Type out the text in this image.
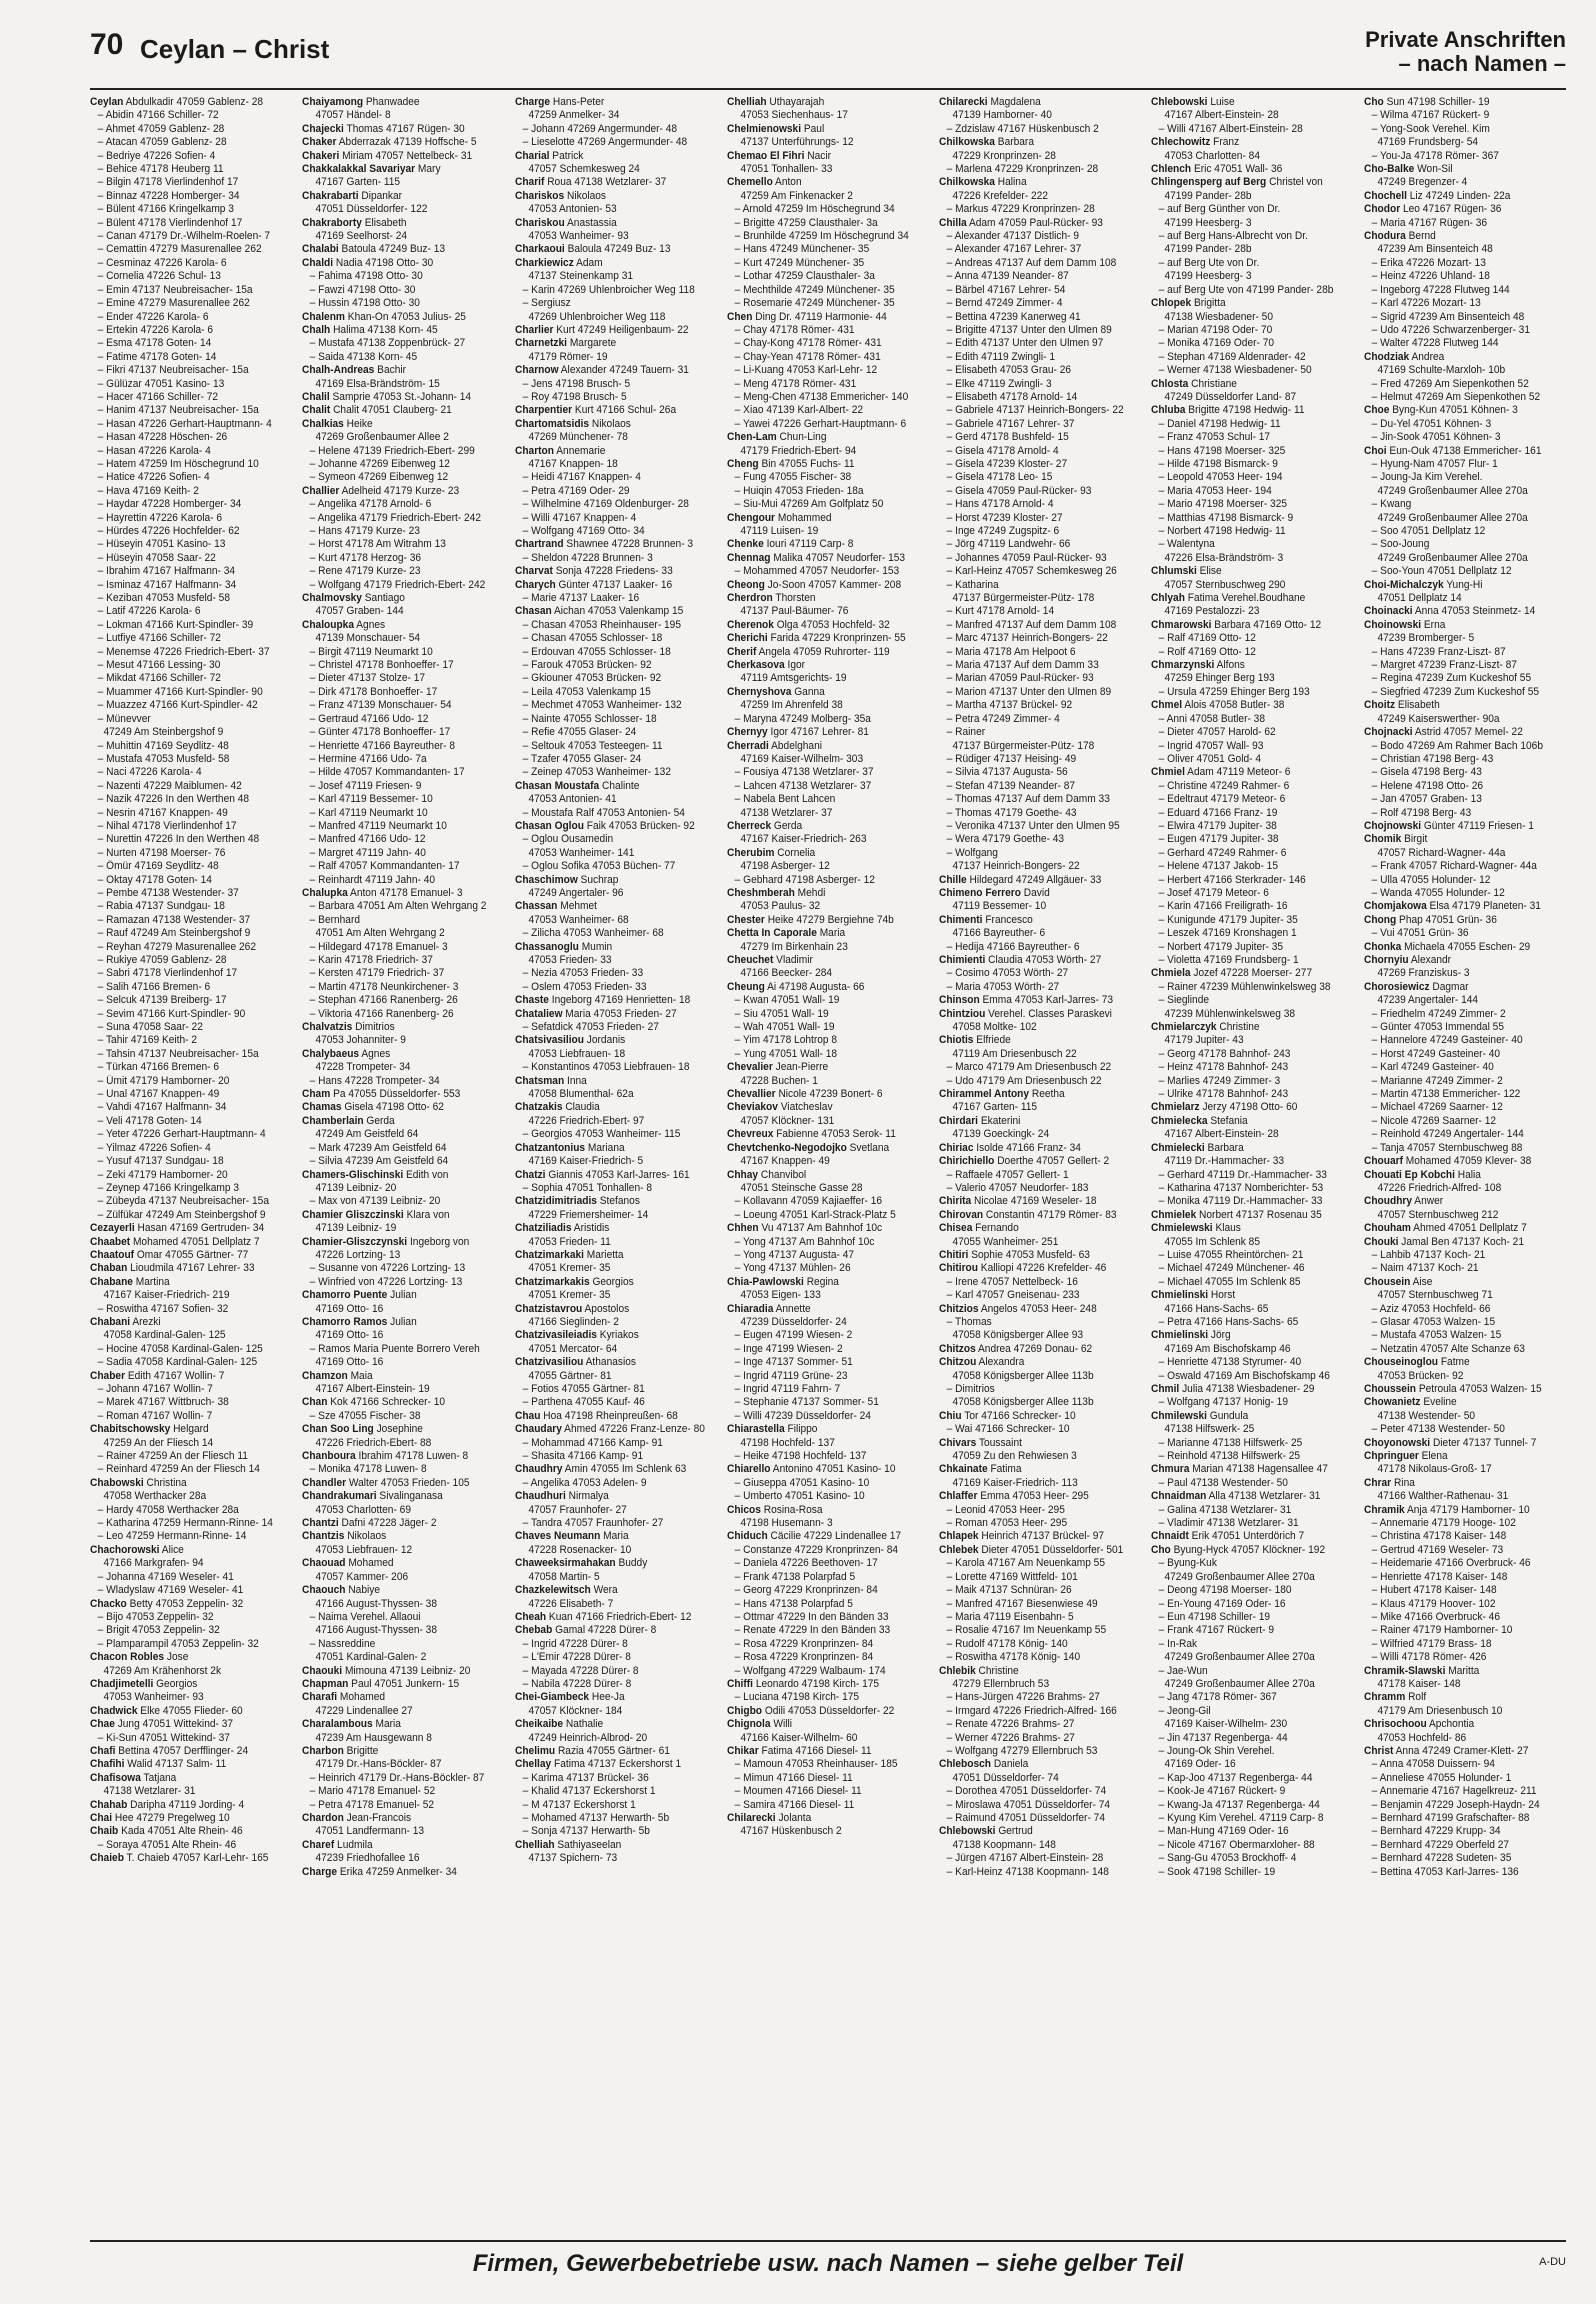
70 Ceylan – Christ	Private Anschriften
– nach Namen –
Ceylan Abdulkadir 47059 Gablenz- 28
– Abidin 47166 Schiller- 72
– Ahmet 47059 Gablenz- 28
– Atacan 47059 Gablenz- 28
– Bedriye 47226 Sofien- 4
– Behice 47178 Heuberg 11
– Bilgin 47178 Vierlindenhof 17
– Binnaz 47228 Homberger- 34
– Bülent 47166 Kringelkamp 3
– Bülent 47178 Vierlindenhof 17
– Canan 47179 Dr.-Wilhelm-Roelen- 7
– Cemattin 47279 Masurenallee 262
– Cesminaz 47226 Karola- 6
– Cornelia 47226 Schul- 13
– Emin 47137 Neubreisacher- 15a
– Emine 47279 Masurenallee 262
– Ender 47226 Karola- 6
– Ertekin 47226 Karola- 6
– Esma 47178 Goten- 14
– Fatime 47178 Goten- 14
– Fikri 47137 Neubreisacher- 15a
– Gülüzar 47051 Kasino- 13
– Hacer 47166 Schiller- 72
– Hanim 47137 Neubreisacher- 15a
– Hasan 47226 Gerhart-Hauptmann- 4
– Hasan 47228 Höschen- 26
– Hasan 47226 Karola- 4
– Hatem 47259 Im Höschegrund 10
– Hatice 47226 Sofien- 4
– Hava 47169 Keith- 2
– Haydar 47228 Homberger- 34
– Hayrettin 47226 Karola- 6
– Hürdes 47226 Hochfelder- 62
– Hüseyin 47051 Kasino- 13
– Hüseyin 47058 Saar- 22
– Ibrahim 47167 Halfmann- 34
– Isminaz 47167 Halfmann- 34
– Keziban 47053 Musfeld- 58
– Latif 47226 Karola- 6
– Lokman 47166 Kurt-Spindler- 39
– Lutfiye 47166 Schiller- 72
– Menemse 47226 Friedrich-Ebert- 37
– Mesut 47166 Lessing- 30
– Mikdat 47166 Schiller- 72
– Muammer 47166 Kurt-Spindler- 90
– Muazzez 47166 Kurt-Spindler- 42
– Münevver
47249 Am Steinbergshof 9
– Muhittin 47169 Seydlitz- 48
– Mustafa 47053 Musfeld- 58
– Naci 47226 Karola- 4
– Nazenti 47229 Maiblumen- 42
– Nazik 47226 In den Werthen 48
– Nesrin 47167 Knappen- 49
– Nihal 47178 Vierlindenhof 17
– Nurettin 47226 In den Werthen 48
– Nurten 47198 Moerser- 76
– Ömür 47169 Seydlitz- 48
– Oktay 47178 Goten- 14
– Pembe 47138 Westender- 37
– Rabia 47137 Sundgau- 18
– Ramazan 47138 Westender- 37
– Rauf 47249 Am Steinbergshof 9
– Reyhan 47279 Masurenallee 262
– Rukiye 47059 Gablenz- 28
– Sabri 47178 Vierlindenhof 17
– Salih 47166 Bremen- 6
– Selcuk 47139 Breiberg- 17
– Sevim 47166 Kurt-Spindler- 90
– Suna 47058 Saar- 22
– Tahir 47169 Keith- 2
– Tahsin 47137 Neubreisacher- 15a
– Türkan 47166 Bremen- 6
– Ümit 47179 Hamborner- 20
– Unal 47167 Knappen- 49
– Vahdi 47167 Halfmann- 34
– Veli 47178 Goten- 14
– Yeter 47226 Gerhart-Hauptmann- 4
– Yilmaz 47226 Sofien- 4
– Yusuf 47137 Sundgau- 18
– Zeki 47179 Hamborner- 20
– Zeynep 47166 Kringelkamp 3
– Zübeyda 47137 Neubreisacher- 15a
– Zülfükar 47249 Am Steinbergshof 9
Cezayerli Hasan 47169 Gertruden- 34
Chaabet Mohamed 47051 Dellplatz 7
Chaatouf Omar 47055 Gärtner- 77
Chaban Lioudmila 47167 Lehrer- 33
Chabane Martina
47167 Kaiser-Friedrich- 219
– Roswitha 47167 Sofien- 32
Chabani Arezki
47058 Kardinal-Galen- 125
– Hocine 47058 Kardinal-Galen- 125
– Sadia 47058 Kardinal-Galen- 125
Chaber Edith 47167 Wollin- 7
– Johann 47167 Wollin- 7
– Marek 47167 Wittbruch- 38
– Roman 47167 Wollin- 7
Chabitschowsky Helgard
47259 An der Fliesch 14
– Rainer 47259 An der Fliesch 11
– Reinhard 47259 An der Fliesch 14
Chabowski Christina
47058 Werthacker 28a
– Hardy 47058 Werthacker 28a
– Katharina 47259 Hermann-Rinne- 14
– Leo 47259 Hermann-Rinne- 14
Chachorowski Alice
47166 Markgrafen- 94
– Johanna 47169 Weseler- 41
– Wladyslaw 47169 Weseler- 41
Chacko Betty 47053 Zeppelin- 32
– Bijo 47053 Zeppelin- 32
– Brigit 47053 Zeppelin- 32
– Plamparampil 47053 Zeppelin- 32
Chacon Robles Jose
47269 Am Krähenhorst 2k
Chadjimetelli Georgios
47053 Wanheimer- 93
Chadwick Elke 47055 Flieder- 60
Chae Jung 47051 Wittekind- 37
– Ki-Sun 47051 Wittekind- 37
Chafi Bettina 47057 Derfflinger- 24
Chafihi Walid 47137 Salm- 11
Chafisowa Tatjana
47138 Wetzlarer- 31
Chahab Daripha 47119 Jording- 4
Chai Hee 47279 Pregelweg 10
Chaib Kada 47051 Alte Rhein- 46
– Soraya 47051 Alte Rhein- 46
Chaieb T. Chaieb 47057 Karl-Lehr- 165
Chaiyamong Phanwadee
47057 Händel- 8
Chajecki Thomas 47167 Rügen- 30
Chaker Abderrazak 47139 Hoffsche- 5
Chakeri Miriam 47057 Nettelbeck- 31
Chakkalakkal Savariyar Mary
47167 Garten- 115
Chakrabarti Dipankar
47051 Düsseldorfer- 122
Chakraborty Elisabeth
47169 Seelhorst- 24
Chalabi Batoula 47249 Buz- 13
Chaldi Nadia 47198 Otto- 30
– Fahima 47198 Otto- 30
– Fawzi 47198 Otto- 30
– Hussin 47198 Otto- 30
Chalenm Khan-On 47053 Julius- 25
Chalh Halima 47138 Korn- 45
– Mustafa 47138 Zoppenbrück- 27
– Saida 47138 Korn- 45
Chalh-Andreas Bachir
47169 Elsa-Brändström- 15
Chalil Samprie 47053 St.-Johann- 14
Chalit Chalit 47051 Clauberg- 21
Chalkias Heike
47269 Großenbaumer Allee 2
– Helene 47139 Friedrich-Ebert- 299
– Johanne 47269 Eibenweg 12
– Symeon 47269 Eibenweg 12
Challier Adelheid 47179 Kurze- 23
– Angelika 47178 Arnold- 6
– Angelika 47179 Friedrich-Ebert- 242
– Hans 47179 Kurze- 23
– Horst 47178 Am Witrahm 13
– Kurt 47178 Herzog- 36
– Rene 47179 Kurze- 23
– Wolfgang 47179 Friedrich-Ebert- 242
Chalmovsky Santiago
47057 Graben- 144
Chaloupka Agnes
47139 Monschauer- 54
– Birgit 47119 Neumarkt 10
– Christel 47178 Bonhoeffer- 17
– Dieter 47137 Stolze- 17
– Dirk 47178 Bonhoeffer- 17
– Franz 47139 Monschauer- 54
– Gertraud 47166 Udo- 12
– Günter 47178 Bonhoeffer- 17
– Henriette 47166 Bayreuther- 8
– Hermine 47166 Udo- 7a
– Hilde 47057 Kommandanten- 17
– Josef 47119 Friesen- 9
– Karl 47119 Bessemer- 10
– Karl 47119 Neumarkt 10
– Manfred 47119 Neumarkt 10
– Manfred 47166 Udo- 12
– Margret 47119 Jahn- 40
– Ralf 47057 Kommandanten- 17
– Reinhardt 47119 Jahn- 40
Chalupka Anton 47178 Emanuel- 3
– Barbara 47051 Am Alten Wehrgang 2
– Bernhard
47051 Am Alten Wehrgang 2
– Hildegard 47178 Emanuel- 3
– Karin 47178 Friedrich- 37
– Kersten 47179 Friedrich- 37
– Martin 47178 Neunkirchener- 3
– Stephan 47166 Ranenberg- 26
– Viktoria 47166 Ranenberg- 26
Chalvatzis Dimitrios
47053 Johanniter- 9
Chalybaeus Agnes
47228 Trompeter- 34
– Hans 47228 Trompeter- 34
Cham Pa 47055 Düsseldorfer- 553
Chamas Gisela 47198 Otto- 62
Chamberlain Gerda
47249 Am Geistfeld 64
– Mark 47239 Am Geistfeld 64
– Silvia 47239 Am Geistfeld 64
Chamers-Glischinski Edith von
47139 Leibniz- 20
– Max von 47139 Leibniz- 20
Chamier Gliszczinski Klara von
47139 Leibniz- 19
Chamier-Gliszczynski Ingeborg von
47226 Lortzing- 13
– Susanne von 47226 Lortzing- 13
– Winfried von 47226 Lortzing- 13
Chamorro Puente Julian
47169 Otto- 16
Chamorro Ramos Julian
47169 Otto- 16
– Ramos Maria Puente Borrero Vereh
47169 Otto- 16
Chamzon Maia
47167 Albert-Einstein- 19
Chan Kok 47166 Schrecker- 10
– Sze 47055 Fischer- 38
Chan Soo Ling Josephine
47226 Friedrich-Ebert- 88
Chanboura Ibrahim 47178 Luwen- 8
– Monika 47178 Luwen- 8
Chandler Walter 47053 Frieden- 105
Chandrakumari Sivalinganasa
47053 Charlotten- 69
Chantzi Dafni 47228 Jäger- 2
Chantzis Nikolaos
47053 Liebfrauen- 12
Chaouad Mohamed
47057 Kammer- 206
Chaouch Nabiye
47166 August-Thyssen- 38
– Naima Verehel. Allaoui
47166 August-Thyssen- 38
– Nassreddine
47051 Kardinal-Galen- 2
Chaouki Mimouna 47139 Leibniz- 20
Chapman Paul 47051 Junkern- 15
Charafi Mohamed
47229 Lindenallee 27
Charalambous Maria
47239 Am Hausgewann 8
Charbon Brigitte
47179 Dr.-Hans-Böckler- 87
– Heinrich 47179 Dr.-Hans-Böckler- 87
– Mario 47178 Emanuel- 52
– Petra 47178 Emanuel- 52
Chardon Jean-Francois
47051 Landfermann- 13
Charef Ludmila
47239 Friedhofallee 16
Charge Erika 47259 Anmelker- 34
Charge Hans-Peter
47259 Anmelker- 34
– Johann 47269 Angermunder- 48
– Lieselotte 47269 Angermunder- 48
Charial Patrick
47057 Schemkesweg 24
Charif Roua 47138 Wetzlarer- 37
Chariskos Nikolaos
47053 Antonien- 53
Chariskou Anastassia
47053 Wanheimer- 93
Charkaoui Baloula 47249 Buz- 13
Charkiewicz Adam
47137 Steinenkamp 31
– Karin 47269 Uhlenbroicher Weg 118
– Sergiusz
47269 Uhlenbroicher Weg 118
Charlier Kurt 47249 Heiligenbaum- 22
Charnetzki Margarete
47179 Römer- 19
Charnow Alexander 47249 Tauern- 31
– Jens 47198 Brusch- 5
– Roy 47198 Brusch- 5
Charpentier Kurt 47166 Schul- 26a
Chartomatsidis Nikolaos
47269 Münchener- 78
Charton Annemarie
47167 Knappen- 18
– Heidi 47167 Knappen- 4
– Petra 47169 Oder- 29
– Wilhelmine 47169 Oldenburger- 28
– Willi 47167 Knappen- 4
– Wolfgang 47169 Otto- 34
Chartrand Shawnee 47228 Brunnen- 3
– Sheldon 47228 Brunnen- 3
Charvat Sonja 47228 Friedens- 33
Charych Günter 47137 Laaker- 16
– Marie 47137 Laaker- 16
Chasan Aichan 47053 Valenkamp 15
– Chasan 47053 Rheinhauser- 195
– Chasan 47055 Schlosser- 18
– Erdouvan 47055 Schlosser- 18
– Farouk 47053 Brücken- 92
– Gkiouner 47053 Brücken- 92
– Leila 47053 Valenkamp 15
– Mechmet 47053 Wanheimer- 132
– Nainte 47055 Schlosser- 18
– Refie 47055 Glaser- 24
– Seltouk 47053 Testeegen- 11
– Tzafer 47055 Glaser- 24
– Zeinep 47053 Wanheimer- 132
Chasan Moustafa Chalinte
47053 Antonien- 41
– Moustafa Ralf 47053 Antonien- 54
Chasan Oglou Faik 47053 Brücken- 92
– Oglou Ousamedin
47053 Wanheimer- 141
– Oglou Sofika 47053 Büchen- 77
Chaschimow Suchrap
47249 Angertaler- 96
Chassan Mehmet
47053 Wanheimer- 68
– Zilicha 47053 Wanheimer- 68
Chassanoglu Mumin
47053 Frieden- 33
– Nezia 47053 Frieden- 33
– Oslem 47053 Frieden- 33
Chaste Ingeborg 47169 Henrietten- 18
Chataliew Maria 47053 Frieden- 27
– Sefatdick 47053 Frieden- 27
Chatsivasiliou Jordanis
47053 Liebfrauen- 18
– Konstantinos 47053 Liebfrauen- 18
Chatsman Inna
47058 Blumenthal- 62a
Chatzakis Claudia
47226 Friedrich-Ebert- 97
– Georgios 47053 Wanheimer- 115
Chatzantonius Mariana
47169 Kaiser-Friedrich- 5
Chatzi Giannis 47053 Karl-Jarres- 161
– Sophia 47051 Tonhallen- 8
Chatzidimitriadis Stefanos
47229 Friemersheimer- 14
Chatziliadis Aristidis
47053 Frieden- 11
Chatzimarkaki Marietta
47051 Kremer- 35
Chatzimarkakis Georgios
47051 Kremer- 35
Chatzistavrou Apostolos
47166 Sieglinden- 2
Chatzivasileiadis Kyriakos
47051 Mercator- 64
Chatzivasiliou Athanasios
47055 Gärtner- 81
– Fotios 47055 Gärtner- 81
– Parthena 47055 Kauf- 46
Chau Hoa 47198 Rheinpreußen- 68
Chaudary Ahmed 47226 Franz-Lenze- 80
– Mohammad 47166 Kamp- 91
– Shasita 47166 Kamp- 91
Chaudhry Amin 47055 Im Schlenk 63
– Angelika 47053 Adelen- 9
Chaudhuri Nirmalya
47057 Fraunhofer- 27
– Tandra 47057 Fraunhofer- 27
Chaves Neumann Maria
47228 Rosenacker- 10
Chaweeksirmahakan Buddy
47058 Martin- 5
Chazkelewitsch Wera
47226 Elisabeth- 7
Cheah Kuan 47166 Friedrich-Ebert- 12
Chebab Gamal 47228 Dürer- 8
– Ingrid 47228 Dürer- 8
– L'Emir 47228 Dürer- 8
– Mayada 47228 Dürer- 8
– Nabila 47228 Dürer- 8
Chei-Giambeck Hee-Ja
47057 Klöckner- 184
Cheikaibe Nathalie
47249 Heinrich-Albrod- 20
Chelimu Razia 47055 Gärtner- 61
Chellay Fatima 47137 Eckershorst 1
– Karima 47137 Brückel- 36
– Khalid 47137 Eckershorst 1
– M 47137 Eckershorst 1
– Mohamed 47137 Herwarth- 5b
– Sonja 47137 Herwarth- 5b
Chelliah Sathiyaseelan
47137 Spichern- 73
Chelliah Uthayarajah
47053 Siechenhaus- 17
Chelmienowski Paul
47137 Unterführungs- 12
Chemao El Fihri Nacir
47051 Tonhallen- 33
Chemello Anton
47259 Am Finkenacker 2
– Arnold 47259 Im Höschegrund 34
– Brigitte 47259 Clausthaler- 3a
– Brunhilde 47259 Im Höschegrund 34
– Hans 47249 Münchener- 35
– Kurt 47249 Münchener- 35
– Lothar 47259 Clausthaler- 3a
– Mechthilde 47249 Münchener- 35
– Rosemarie 47249 Münchener- 35
Chen Ding Dr. 47119 Harmonie- 44
– Chay 47178 Römer- 431
– Chay-Kong 47178 Römer- 431
– Chay-Yean 47178 Römer- 431
– Li-Kuang 47053 Karl-Lehr- 12
– Meng 47178 Römer- 431
– Meng-Chen 47138 Emmericher- 140
– Xiao 47139 Karl-Albert- 22
– Yawei 47226 Gerhart-Hauptmann- 6
Chen-Lam Chun-Ling
47179 Friedrich-Ebert- 94
Cheng Bin 47055 Fuchs- 11
– Fung 47055 Fischer- 38
– Huiqin 47053 Frieden- 18a
– Siu-Mui 47269 Am Golfplatz 50
Chengour Mohammed
47119 Luisen- 19
Chenke Iouri 47119 Carp- 8
Chennag Malika 47057 Neudorfer- 153
– Mohammed 47057 Neudorfer- 153
Cheong Jo-Soon 47057 Kammer- 208
Cherdron Thorsten
47137 Paul-Bäumer- 76
Cherenok Olga 47053 Hochfeld- 32
Cherichi Farida 47229 Kronprinzen- 55
Cherif Angela 47059 Ruhrorter- 119
Cherkasova Igor
47119 Amtsgerichts- 19
Chernyshova Ganna
47259 Im Ahrenfeld 38
– Maryna 47249 Molberg- 35a
Chernyy Igor 47167 Lehrer- 81
Cherradi Abdelghani
47169 Kaiser-Wilhelm- 303
– Fousiya 47138 Wetzlarer- 37
– Lahcen 47138 Wetzlarer- 37
– Nabela Bent Lahcen
47138 Wetzlarer- 37
Cherreck Gerda
47167 Kaiser-Friedrich- 263
Cherubim Cornelia
47198 Asberger- 12
– Gebhard 47198 Asberger- 12
Cheshmberah Mehdi
47053 Paulus- 32
Chester Heike 47279 Bergiehne 74b
Chetta In Caporale Maria
47279 Im Birkenhain 23
Cheuchet Vladimir
47166 Beecker- 284
Cheung Ai 47198 Augusta- 66
– Kwan 47051 Wall- 19
– Siu 47051 Wall- 19
– Wah 47051 Wall- 19
– Yim 47178 Lohtrop 8
– Yung 47051 Wall- 18
Chevalier Jean-Pierre
47228 Buchen- 1
Chevallier Nicole 47239 Bonert- 6
Cheviakov Viatcheslav
47057 Klöckner- 131
Chevreux Fabienne 47053 Serok- 11
Chevtchenko-Negodojko Svetlana
47167 Knappen- 49
Chhay Chanvibol
47051 Steinsche Gasse 28
– Kollavann 47059 Kajiaeffer- 16
– Loeung 47051 Karl-Strack-Platz 5
Chhen Vu 47137 Am Bahnhof 10c
– Yong 47137 Am Bahnhof 10c
– Yong 47137 Augusta- 47
– Yong 47137 Mühlen- 26
Chia-Pawlowski Regina
47053 Eigen- 133
Chiaradia Annette
47239 Düsseldorfer- 24
– Eugen 47199 Wiesen- 2
– Inge 47199 Wiesen- 2
– Inge 47137 Sommer- 51
– Ingrid 47119 Grüne- 23
– Ingrid 47119 Fahrn- 7
– Stephanie 47137 Sommer- 51
– Willi 47239 Düsseldorfer- 24
Chiarastella Filippo
47198 Hochfeld- 137
– Heike 47198 Hochfeld- 137
Chiarello Antonino 47051 Kasino- 10
– Giuseppa 47051 Kasino- 10
– Umberto 47051 Kasino- 10
Chicos Rosina-Rosa
47198 Husemann- 3
Chiduch Cäcilie 47229 Lindenallee 17
– Constanze 47229 Kronprinzen- 84
– Daniela 47226 Beethoven- 17
– Frank 47138 Polarpfad 5
– Georg 47229 Kronprinzen- 84
– Hans 47138 Polarpfad 5
– Ottmar 47229 In den Bänden 33
– Renate 47229 In den Bänden 33
– Rosa 47229 Kronprinzen- 84
– Rosa 47229 Kronprinzen- 84
– Wolfgang 47229 Walbaum- 174
Chiffi Leonardo 47198 Kirch- 175
– Luciana 47198 Kirch- 175
Chigbo Odili 47053 Düsseldorfer- 22
Chignola Willi
47166 Kaiser-Wilhelm- 60
Chikar Fatima 47166 Diesel- 11
– Mamoun 47053 Rheinhauser- 185
– Mimun 47166 Diesel- 11
– Moumen 47166 Diesel- 11
– Samira 47166 Diesel- 11
Chilarecki Jolanta
47167 Hüskenbusch 2
Chilarecki Magdalena
47139 Hamborner- 40
– Zdzislaw 47167 Hüskenbusch 2
Chilkowska Barbara
47229 Kronprinzen- 28
– Marlena 47229 Kronprinzen- 28
Chilkowska Halina
47226 Krefelder- 222
– Markus 47229 Kronprinzen- 28
Chilla Adam 47059 Paul-Rücker- 93
– Alexander 47137 Distlich- 9
– Alexander 47167 Lehrer- 37
– Andreas 47137 Auf dem Damm 108
– Anna 47139 Neander- 87
– Bärbel 47167 Lehrer- 54
– Bernd 47249 Zimmer- 4
– Bettina 47239 Kanerweg 41
– Brigitte 47137 Unter den Ulmen 89
– Edith 47137 Unter den Ulmen 97
– Edith 47119 Zwingli- 1
– Elisabeth 47053 Grau- 26
– Elke 47119 Zwingli- 3
– Elisabeth 47178 Arnold- 14
– Gabriele 47137 Heinrich-Bongers- 22
– Gabriele 47167 Lehrer- 37
– Gerd 47178 Bushfeld- 15
– Gisela 47178 Arnold- 4
– Gisela 47239 Kloster- 27
– Gisela 47178 Leo- 15
– Gisela 47059 Paul-Rücker- 93
– Hans 47178 Arnold- 4
– Horst 47239 Kloster- 27
– Inge 47249 Zugspitz- 6
– Jörg 47119 Landwehr- 66
– Johannes 47059 Paul-Rücker- 93
– Karl-Heinz 47057 Schemkesweg 26
– Katharina
47137 Bürgermeister-Pütz- 178
– Kurt 47178 Arnold- 14
– Manfred 47137 Auf dem Damm 108
– Marc 47137 Heinrich-Bongers- 22
– Maria 47178 Am Helpoot 6
– Maria 47137 Auf dem Damm 33
– Marian 47059 Paul-Rücker- 93
– Marion 47137 Unter den Ulmen 89
– Martha 47137 Brückel- 92
– Petra 47249 Zimmer- 4
– Rainer
47137 Bürgermeister-Pütz- 178
– Rüdiger 47137 Heising- 49
– Silvia 47137 Augusta- 56
– Stefan 47139 Neander- 87
– Thomas 47137 Auf dem Damm 33
– Thomas 47179 Goethe- 43
– Veronika 47137 Unter den Ulmen 95
– Wera 47179 Goethe- 43
– Wolfgang
47137 Heinrich-Bongers- 22
Chille Hildegard 47249 Allgäuer- 33
Chimeno Ferrero David
47119 Bessemer- 10
Chimenti Francesco
47166 Bayreuther- 6
– Hedija 47166 Bayreuther- 6
Chimienti Claudia 47053 Wörth- 27
– Cosimo 47053 Wörth- 27
– Maria 47053 Wörth- 27
Chinson Emma 47053 Karl-Jarres- 73
Chintziou Verehel. Classes Paraskevi
47058 Moltke- 102
Chiotis Elfriede
47119 Am Driesenbusch 22
– Marco 47179 Am Driesenbusch 22
– Udo 47179 Am Driesenbusch 22
Chirammel Antony Reetha
47167 Garten- 115
Chirdari Ekaterini
47139 Goeckingk- 24
Chiriac Isolde 47166 Franz- 34
Chirichiello Doerthe 47057 Gellert- 2
– Raffaele 47057 Gellert- 1
– Valerio 47057 Neudorfer- 183
Chirita Nicolae 47169 Weseler- 18
Chirovan Constantin 47179 Römer- 83
Chisea Fernando
47055 Wanheimer- 251
Chitiri Sophie 47053 Musfeld- 63
Chitirou Kalliopi 47226 Krefelder- 46
– Irene 47057 Nettelbeck- 16
– Karl 47057 Gneisenau- 233
Chitzios Angelos 47053 Heer- 248
– Thomas
47058 Königsberger Allee 93
Chitzos Andrea 47269 Donau- 62
Chitzou Alexandra
47058 Königsberger Allee 113b
– Dimitrios
47058 Königsberger Allee 113b
Chiu Tor 47166 Schrecker- 10
– Wai 47166 Schrecker- 10
Chivars Toussaint
47059 Zu den Rehwiesen 3
Chkainate Fatima
47169 Kaiser-Friedrich- 113
Chlaffer Emma 47053 Heer- 295
– Leonid 47053 Heer- 295
– Roman 47053 Heer- 295
Chlapek Heinrich 47137 Brückel- 97
Chlebek Dieter 47051 Düsseldorfer- 501
– Karola 47167 Am Neuenkamp 55
– Lorette 47169 Wittfeld- 101
– Maik 47137 Schnüran- 26
– Manfred 47167 Biesenwiese 49
– Maria 47119 Eisenbahn- 5
– Rosalie 47167 Im Neuenkamp 55
– Rudolf 47178 König- 140
– Roswitha 47178 König- 140
Chlebik Christine
47279 Ellernbruch 53
– Hans-Jürgen 47226 Brahms- 27
– Irmgard 47226 Friedrich-Alfred- 166
– Renate 47226 Brahms- 27
– Werner 47226 Brahms- 27
– Wolfgang 47279 Ellernbruch 53
Chlebosch Daniela
47051 Düsseldorfer- 74
– Dorothea 47051 Düsseldorfer- 74
– Miroslawa 47051 Düsseldorfer- 74
– Raimund 47051 Düsseldorfer- 74
Chlebowski Gertrud
47138 Koopmann- 148
– Jürgen 47167 Albert-Einstein- 28
– Karl-Heinz 47138 Koopmann- 148
Chlebowski Luise
47167 Albert-Einstein- 28
– Willi 47167 Albert-Einstein- 28
Chlechowitz Franz
47053 Charlotten- 84
Chlench Eric 47051 Wall- 36
Chlingensperg auf Berg Christel von
47199 Pander- 28b
– auf Berg Günther von Dr.
47199 Heesberg- 3
– auf Berg Hans-Albrecht von Dr.
47199 Pander- 28b
– auf Berg Ute von Dr.
47199 Heesberg- 3
– auf Berg Ute von 47199 Pander- 28b
Chlopek Brigitta
47138 Wiesbadener- 50
– Marian 47198 Oder- 70
– Monika 47169 Oder- 70
– Stephan 47169 Aldenrader- 42
– Werner 47138 Wiesbadener- 50
Chlosta Christiane
47249 Düsseldorfer Land- 87
Chluba Brigitte 47198 Hedwig- 11
– Daniel 47198 Hedwig- 11
– Franz 47053 Schul- 17
– Hans 47198 Moerser- 325
– Hilde 47198 Bismarck- 9
– Leopold 47053 Heer- 194
– Maria 47053 Heer- 194
– Mario 47198 Moerser- 325
– Matthias 47198 Bismarck- 9
– Norbert 47198 Hedwig- 11
– Walentyna
47226 Elsa-Brändström- 3
Chlumski Elise
47057 Sternbuschweg 290
Chlyah Fatima Verehel.Boudhane
47169 Pestalozzi- 23
Chmarowski Barbara 47169 Otto- 12
– Ralf 47169 Otto- 12
– Rolf 47169 Otto- 12
Chmarzynski Alfons
47259 Ehinger Berg 193
– Ursula 47259 Ehinger Berg 193
Chmel Alois 47058 Butler- 38
– Anni 47058 Butler- 38
– Dieter 47057 Harold- 62
– Ingrid 47057 Wall- 93
– Oliver 47051 Gold- 4
Chmiel Adam 47119 Meteor- 6
– Christine 47249 Rahmer- 6
– Edeltraut 47179 Meteor- 6
– Eduard 47166 Franz- 19
– Elwira 47179 Jupiter- 38
– Eugen 47179 Jupiter- 38
– Gerhard 47249 Rahmer- 6
– Helene 47137 Jakob- 15
– Herbert 47166 Sterkrader- 146
– Josef 47179 Meteor- 6
– Karin 47166 Freiligrath- 16
– Kunigunde 47179 Jupiter- 35
– Leszek 47169 Kronshagen 1
– Norbert 47179 Jupiter- 35
– Violetta 47169 Frundsberg- 1
Chmiela Jozef 47228 Moerser- 277
– Rainer 47239 Mühlenwinkelsweg 38
– Sieglinde
47239 Mühlenwinkelsweg 38
Chmielarczyk Christine
47179 Jupiter- 43
– Georg 47178 Bahnhof- 243
– Heinz 47178 Bahnhof- 243
– Marlies 47249 Zimmer- 3
– Ulrike 47178 Bahnhof- 243
Chmielarz Jerzy 47198 Otto- 60
Chmielecka Stefania
47167 Albert-Einstein- 28
Chmielecki Barbara
47119 Dr.-Hammacher- 33
– Gerhard 47119 Dr.-Hammacher- 33
– Katharina 47137 Nomberichter- 53
– Monika 47119 Dr.-Hammacher- 33
Chmielek Norbert 47137 Rosenau 35
Chmielewski Klaus
47055 Im Schlenk 85
– Luise 47055 Rheintörchen- 21
– Michael 47249 Münchener- 46
– Michael 47055 Im Schlenk 85
Chmielinski Horst
47166 Hans-Sachs- 65
– Petra 47166 Hans-Sachs- 65
Chmielinski Jörg
47169 Am Bischofskamp 46
– Henriette 47138 Styrumer- 40
– Oswald 47169 Am Bischofskamp 46
Chmil Julia 47138 Wiesbadener- 29
– Wolfgang 47137 Honig- 19
Chmilewski Gundula
47138 Hilfswerk- 25
– Marianne 47138 Hilfswerk- 25
– Reinhold 47138 Hilfswerk- 25
Chmura Marian 47138 Hagensallee 47
– Paul 47138 Westender- 50
Chnaidman Alla 47138 Wetzlarer- 31
– Galina 47138 Wetzlarer- 31
– Vladimir 47138 Wetzlarer- 31
Chnaidt Erik 47051 Unterdörich 7
Cho Byung-Hyck 47057 Klöckner- 192
– Byung-Kuk
47249 Großenbaumer Allee 270a
– Deong 47198 Moerser- 180
– En-Young 47169 Oder- 16
– Eun 47198 Schiller- 19
– Frank 47167 Rückert- 9
– In-Rak
47249 Großenbaumer Allee 270a
– Jae-Wun
47249 Großenbaumer Allee 270a
– Jang 47178 Römer- 367
– Jeong-Gil
47169 Kaiser-Wilhelm- 230
– Jin 47137 Regenberga- 44
– Joung-Ok Shin Verehel.
47169 Oder- 16
– Kap-Joo 47137 Regenberga- 44
– Kook-Je 47167 Rückert- 9
– Kwang-Ja 47137 Regenberga- 44
– Kyung Kim Verehel. 47119 Carp- 8
– Man-Hung 47169 Oder- 16
– Nicole 47167 Obermarxloher- 88
– Sang-Gu 47053 Brockhoff- 4
– Sook 47198 Schiller- 19
Cho Sun 47198 Schiller- 19
– Wilma 47167 Rückert- 9
– Yong-Sook Verehel. Kim
47169 Frundsberg- 54
– You-Ja 47178 Römer- 367
Cho-Balke Won-Sil
47249 Bregenzer- 4
Chochell Liz 47249 Linden- 22a
Chodor Leo 47167 Rügen- 36
– Maria 47167 Rügen- 36
Chodura Bernd
47239 Am Binsenteich 48
– Erika 47226 Mozart- 13
– Heinz 47226 Uhland- 18
– Ingeborg 47228 Flutweg 144
– Karl 47226 Mozart- 13
– Sigrid 47239 Am Binsenteich 48
– Udo 47226 Schwarzenberger- 31
– Walter 47228 Flutweg 144
Chodziak Andrea
47169 Schulte-Marxloh- 10b
– Fred 47269 Am Siepenkothen 52
– Helmut 47269 Am Siepenkothen 52
Choe Byng-Kun 47051 Köhnen- 3
– Du-Yel 47051 Köhnen- 3
– Jin-Sook 47051 Köhnen- 3
Choi Eun-Ouk 47138 Emmericher- 161
– Hyung-Nam 47057 Flur- 1
– Joung-Ja Kim Verehel.
47249 Großenbaumer Allee 270a
– Kwang
47249 Großenbaumer Allee 270a
– Soo 47051 Dellplatz 12
– Soo-Joung
47249 Großenbaumer Allee 270a
– Soo-Youn 47051 Dellplatz 12
Choi-Michalczyk Yung-Hi
47051 Dellplatz 14
Choinacki Anna 47053 Steinmetz- 14
Choinowski Erna
47239 Bromberger- 5
– Hans 47239 Franz-Liszt- 87
– Margret 47239 Franz-Liszt- 87
– Regina 47239 Zum Kuckeshof 55
– Siegfried 47239 Zum Kuckeshof 55
Choitz Elisabeth
47249 Kaiserswerther- 90a
Chojnacki Astrid 47057 Memel- 22
– Bodo 47269 Am Rahmer Bach 106b
– Christian 47198 Berg- 43
– Gisela 47198 Berg- 43
– Helene 47198 Otto- 26
– Jan 47057 Graben- 13
– Rolf 47198 Berg- 43
Chojnowski Günter 47119 Friesen- 1
Chomik Birgit
47057 Richard-Wagner- 44a
– Frank 47057 Richard-Wagner- 44a
– Ulla 47055 Holunder- 12
– Wanda 47055 Holunder- 12
Chomjakowa Elsa 47179 Planeten- 31
Chong Phap 47051 Grün- 36
– Vui 47051 Grün- 36
Chonka Michaela 47055 Eschen- 29
Chornyiu Alexandr
47269 Franziskus- 3
Chorosiewicz Dagmar
47239 Angertaler- 144
– Friedhelm 47249 Zimmer- 2
– Günter 47053 Immendal 55
– Hannelore 47249 Gasteiner- 40
– Horst 47249 Gasteiner- 40
– Karl 47249 Gasteiner- 40
– Marianne 47249 Zimmer- 2
– Martin 47138 Emmericher- 122
– Michael 47269 Saarner- 12
– Nicole 47269 Saarner- 12
– Reinhold 47249 Angertaler- 144
– Tanja 47057 Sternbuschweg 88
Chouarf Mohamed 47059 Klever- 38
Chouati Ep Kobchi Halia
47226 Friedrich-Alfred- 108
Choudhry Anwer
47057 Sternbuschweg 212
Chouham Ahmed 47051 Dellplatz 7
Chouki Jamal Ben 47137 Koch- 21
– Lahbib 47137 Koch- 21
– Naim 47137 Koch- 21
Chousein Aise
47057 Sternbuschweg 71
– Aziz 47053 Hochfeld- 66
– Glasar 47053 Walzen- 15
– Mustafa 47053 Walzen- 15
– Netzatin 47057 Alte Schanze 63
Chouseinoglou Fatme
47053 Brücken- 92
Choussein Petroula 47053 Walzen- 15
Chowanietz Eveline
47138 Westender- 50
– Peter 47138 Westender- 50
Choyonowski Dieter 47137 Tunnel- 7
Chpringuer Elena
47178 Nikolaus-Groß- 17
Chrar Rina
47166 Walther-Rathenau- 31
Chramik Anja 47179 Hamborner- 10
– Annemarie 47179 Hooge- 102
– Christina 47178 Kaiser- 148
– Gertrud 47169 Weseler- 73
– Heidemarie 47166 Overbruck- 46
– Henriette 47178 Kaiser- 148
– Hubert 47178 Kaiser- 148
– Klaus 47179 Hoover- 102
– Mike 47166 Overbruck- 46
– Rainer 47179 Hamborner- 10
– Wilfried 47179 Brass- 18
– Willi 47178 Römer- 426
Chramik-Slawski Maritta
47178 Kaiser- 148
Chramm Rolf
47179 Am Driesenbusch 10
Chrisochoou Apchontia
47053 Hochfeld- 86
Christ Anna 47249 Cramer-Klett- 27
– Anna 47058 Duissern- 94
– Anneliese 47055 Holunder- 1
– Annemarie 47167 Hagelkreuz- 211
– Benjamin 47229 Joseph-Haydn- 24
– Bernhard 47199 Grafschafter- 88
– Bernhard 47229 Krupp- 34
– Bernhard 47229 Oberfeld 27
– Bernhard 47228 Sudeten- 35
– Bettina 47053 Karl-Jarres- 136
Firmen, Gewerbebetriebe usw. nach Namen – siehe gelber Teil	A-DU
